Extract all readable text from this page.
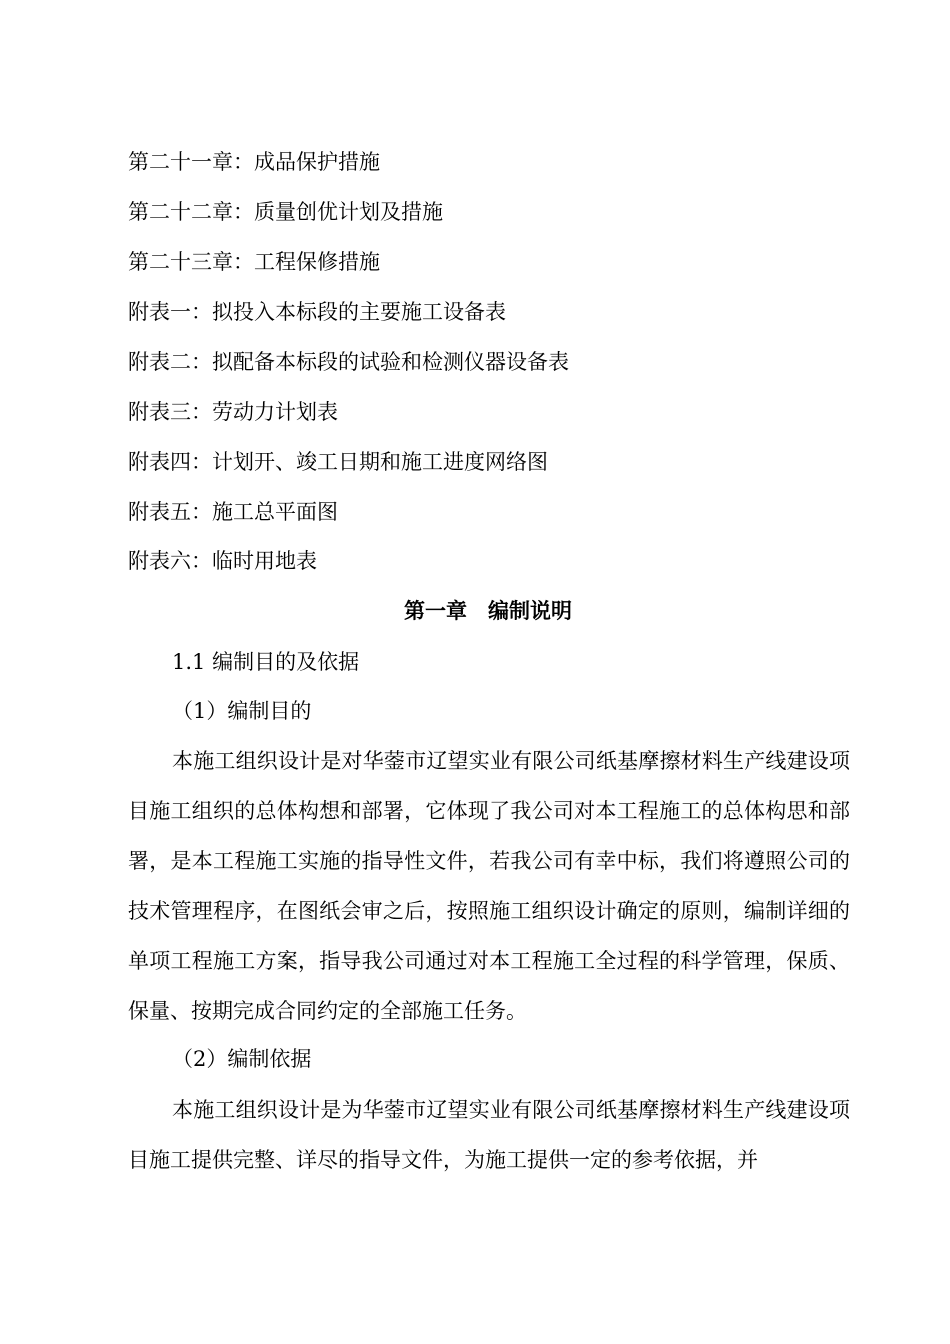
第二十一章：成品保护措施
第二十二章：质量创优计划及措施
第二十三章：工程保修措施
附表一：拟投入本标段的主要施工设备表
附表二：拟配备本标段的试验和检测仪器设备表
附表三：劳动力计划表
附表四：计划开、竣工日期和施工进度网络图
附表五：施工总平面图
附表六：临时用地表
第一章　编制说明
1.1 编制目的及依据
（1）编制目的

本施工组织设计是对华蓥市辽望实业有限公司纸基摩擦材料生产线建设项目施工组织的总体构想和部署，它体现了我公司对本工程施工的总体构思和部署，是本工程施工实施的指导性文件，若我公司有幸中标，我们将遵照公司的技术管理程序，在图纸会审之后，按照施工组织设计确定的原则，编制详细的单项工程施工方案，指导我公司通过对本工程施工全过程的科学管理，保质、保量、按期完成合同约定的全部施工任务。

（2）编制依据

本施工组织设计是为华蓥市辽望实业有限公司纸基摩擦材料生产线建设项目施工提供完整、详尽的指导文件，为施工提供一定的参考依据，并
